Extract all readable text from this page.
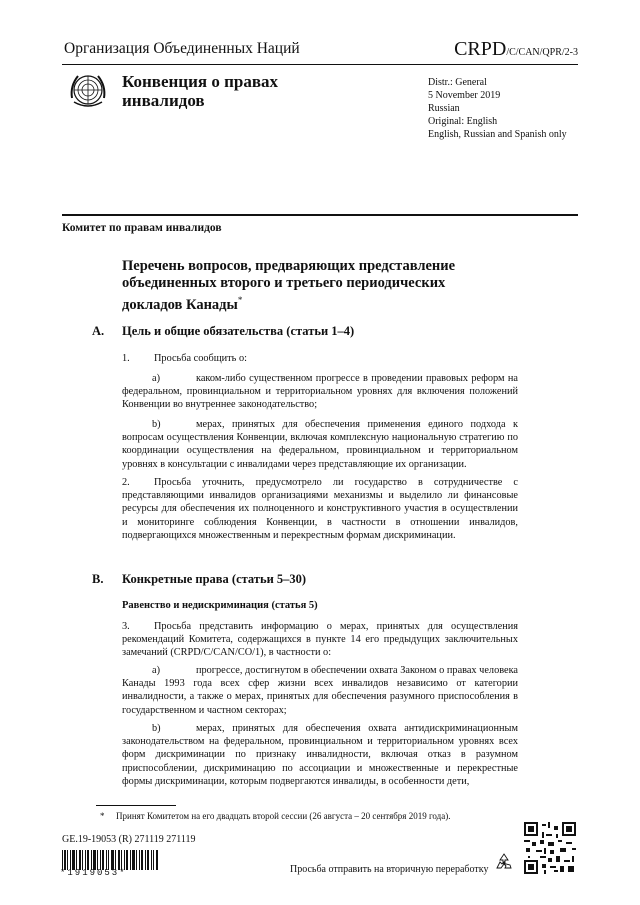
Организация Объединенных Наций	CRPD/C/CAN/QPR/2-3
Конвенция о правах инвалидов
Distr.: General
5 November 2019
Russian
Original: English
English, Russian and Spanish only
Комитет по правам инвалидов
Перечень вопросов, предваряющих представление объединенных второго и третьего периодических докладов Канады*
A. Цель и общие обязательства (статьи 1–4)
1. Просьба сообщить о:
a)	каком-либо существенном прогрессе в проведении правовых реформ на федеральном, провинциальном и территориальном уровнях для включения положений Конвенции во внутреннее законодательство;
b)	мерах, принятых для обеспечения применения единого подхода к вопросам осуществления Конвенции, включая комплексную национальную стратегию по координации осуществления на федеральном, провинциальном и территориальном уровнях в консультации с инвалидами через представляющие их организации.
2. Просьба уточнить, предусмотрело ли государство в сотрудничестве с представляющими инвалидов организациями механизмы и выделило ли финансовые ресурсы для обеспечения их полноценного и конструктивного участия в осуществлении и мониторинге соблюдения Конвенции, в частности в отношении инвалидов, подвергающихся множественным и перекрестным формам дискриминации.
B. Конкретные права (статьи 5–30)
Равенство и недискриминация (статья 5)
3. Просьба представить информацию о мерах, принятых для осуществления рекомендаций Комитета, содержащихся в пункте 14 его предыдущих заключительных замечаний (CRPD/C/CAN/CO/1), в частности о:
a)	прогрессе, достигнутом в обеспечении охвата Законом о правах человека Канады 1993 года всех сфер жизни всех инвалидов независимо от категории инвалидности, а также о мерах, принятых для обеспечения разумного приспособления в государственном и частном секторах;
b)	мерах, принятых для обеспечения охвата антидискриминационным законодательством на федеральном, провинциальном и территориальном уровнях всех форм дискриминации по признаку инвалидности, включая отказ в разумном приспособлении, дискриминацию по ассоциации и множественные и перекрестные формы дискриминации, которым подвергаются инвалиды, в особенности дети,
* Принят Комитетом на его двадцать второй сессии (26 августа – 20 сентября 2019 года).
GE.19-19053 (R) 271119 271119
*1919053*	Просьба отправить на вторичную переработку
